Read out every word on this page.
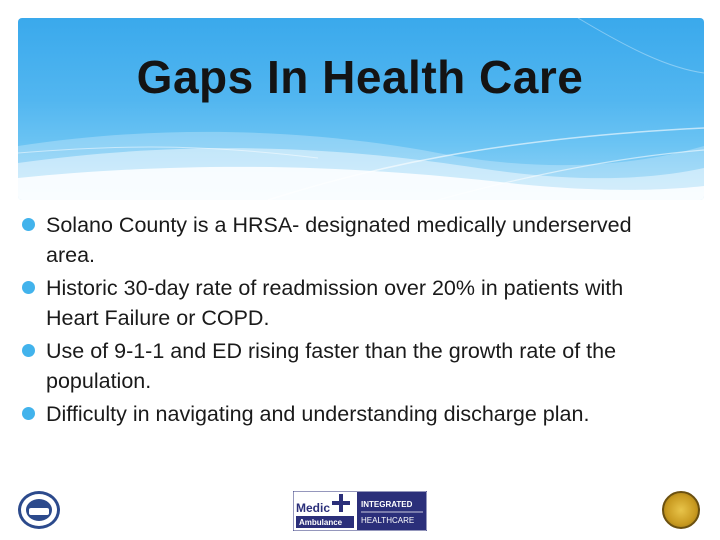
Gaps In Health Care
Solano County is a HRSA- designated medically underserved area.
Historic 30-day rate of readmission over 20% in patients with Heart Failure or COPD.
Use of 9-1-1 and ED rising faster than the growth rate of the population.
Difficulty in navigating and understanding discharge plan.
Medic
Ambulance
INTEGRATED
HEALTHCARE
